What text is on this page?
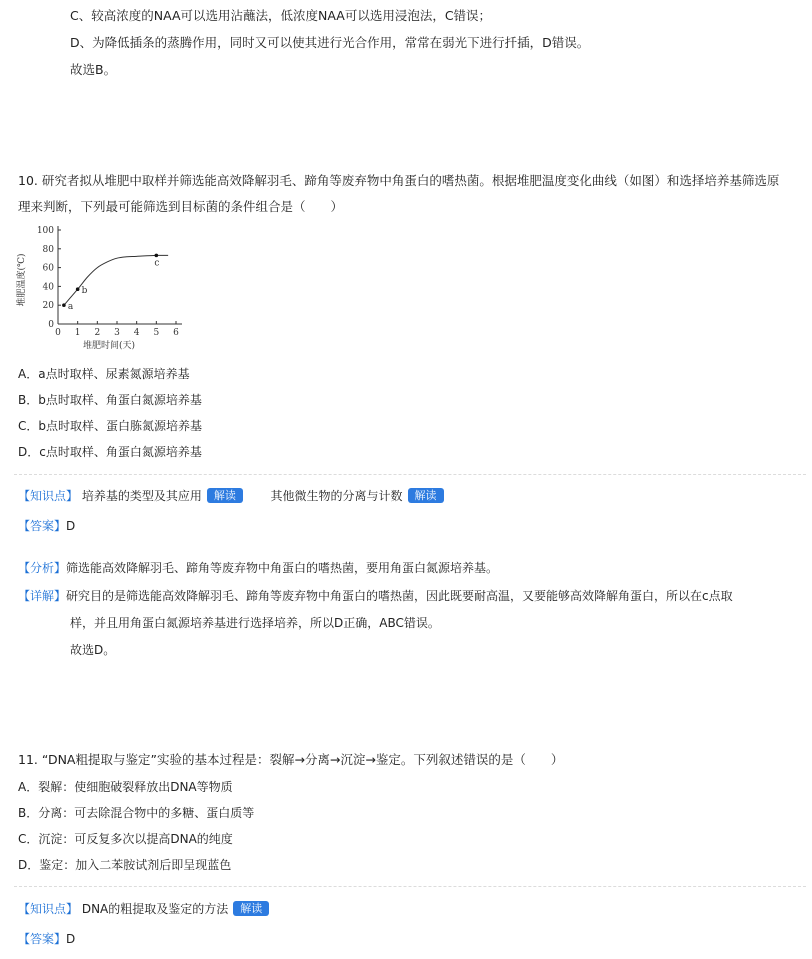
C、较高浓度的NAA可以选用沾蘸法，低浓度NAA可以选用浸泡法，C错误；
D、为降低插条的蒸腾作用，同时又可以使其进行光合作用，常常在弱光下进行扦插，D错误。
故选B。
10. 研究者拟从堆肥中取样并筛选能高效降解羽毛、蹄角等废弃物中角蛋白的嗜热菌。根据堆肥温度变化曲线（如图）和选择培养基筛选原
理来判断，下列最可能筛选到目标菌的条件组合是（　　）
0 1 2 3 4 5 6
0
20
40
60
80
100
a
b
c
堆肥时间(天)
堆肥温度(℃)
A．a点时取样、尿素氮源培养基
B．b点时取样、角蛋白氮源培养基
C．b点时取样、蛋白胨氮源培养基
D．c点时取样、角蛋白氮源培养基
【知识点】 培养基的类型及其应用 解读	其他微生物的分离与计数 解读
【答案】D
【分析】筛选能高效降解羽毛、蹄角等废弃物中角蛋白的嗜热菌，要用角蛋白氮源培养基。
【详解】研究目的是筛选能高效降解羽毛、蹄角等废弃物中角蛋白的嗜热菌，因此既要耐高温，又要能够高效降解角蛋白，所以在c点取
样，并且用角蛋白氮源培养基进行选择培养，所以D正确，ABC错误。
故选D。
11. “DNA粗提取与鉴定”实验的基本过程是：裂解→分离→沉淀→鉴定。下列叙述错误的是（　　）
A．裂解：使细胞破裂释放出DNA等物质
B．分离：可去除混合物中的多糖、蛋白质等
C．沉淀：可反复多次以提高DNA的纯度
D．鉴定：加入二苯胺试剂后即呈现蓝色
【知识点】 DNA的粗提取及鉴定的方法 解读
【答案】D
